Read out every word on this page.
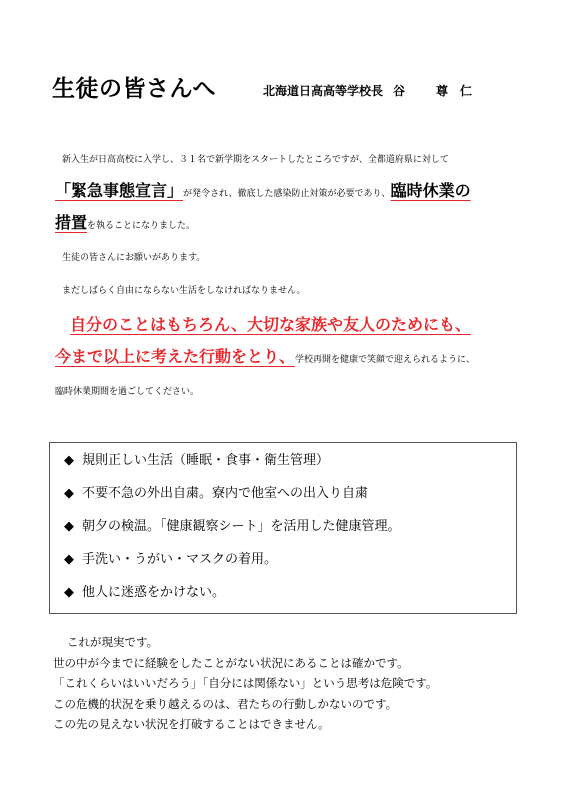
生徒の皆さんへ	北海道日高高等学校長 谷	尊　仁
新入生が日高高校に入学し、３１名で新学期をスタートしたところですが、全都道府県に対して
「緊急事態宣言」が発令され、徹底した感染防止対策が必要であり、臨時休業の
措置を執ることになりました。
生徒の皆さんにお願いがあります。
まだしばらく自由にならない生活をしなければなりません。
自分のことはもちろん、大切な家族や友人のためにも、
今まで以上に考えた行動をとり、学校再開を健康で笑顔で迎えられるように、
臨時休業期間を過ごしてください。
◆ 規則正しい生活（睡眠・食事・衛生管理）
◆ 不要不急の外出自粛。寮内で他室への出入り自粛
◆ 朝夕の検温。「健康観察シート」を活用した健康管理。
◆ 手洗い・うがい・マスクの着用。
◆ 他人に迷惑をかけない。
これが現実です。
世の中が今までに経験をしたことがない状況にあることは確かです。
「これくらいはいいだろう」「自分には関係ない」という思考は危険です。
この危機的状況を乗り越えるのは、君たちの行動しかないのです。
この先の見えない状況を打破することはできません。
